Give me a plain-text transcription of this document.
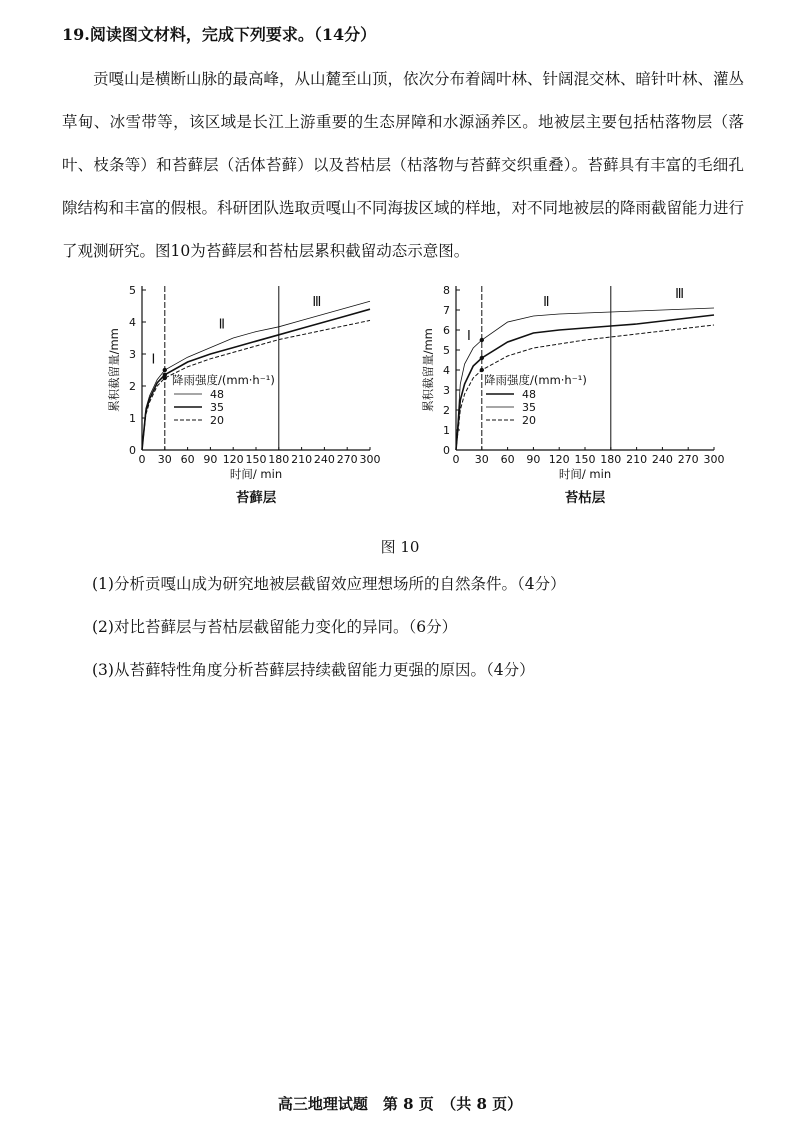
19.阅读图文材料，完成下列要求。（14分）
贡嘎山是横断山脉的最高峰，从山麓至山顶，依次分布着阔叶林、针阔混交林、暗针叶林、灌丛草甸、冰雪带等，该区域是长江上游重要的生态屏障和水源涵养区。地被层主要包括枯落物层（落叶、枝条等）和苔藓层（活体苔藓）以及苔枯层（枯落物与苔藓交织重叠）。苔藓具有丰富的毛细孔隙结构和丰富的假根。科研团队选取贡嘎山不同海拔区域的样地，对不同地被层的降雨截留能力进行了观测研究。图10为苔藓层和苔枯层累积截留动态示意图。
0 30 60 90 120 150 180 210 240 270 300
0
1
2
3
4
5
Ⅰ
Ⅱ
Ⅲ
降雨强度/(mm·h⁻¹)
48
35
20
时间/ min
累积截留量/mm
苔藓层
0 30 60 90 120 150 180 210 240 270 300
0
1
2
3
4
5
6
7
8
Ⅰ
Ⅱ
Ⅲ
降雨强度/(mm·h⁻¹)
48
35
20
时间/ min
累积截留量/mm
苔枯层
图 10
(1)分析贡嘎山成为研究地被层截留效应理想场所的自然条件。（4分）
(2)对比苔藓层与苔枯层截留能力变化的异同。（6分）
(3)从苔藓特性角度分析苔藓层持续截留能力更强的原因。（4分）
高三地理试题　第 8 页　（共 8 页）
